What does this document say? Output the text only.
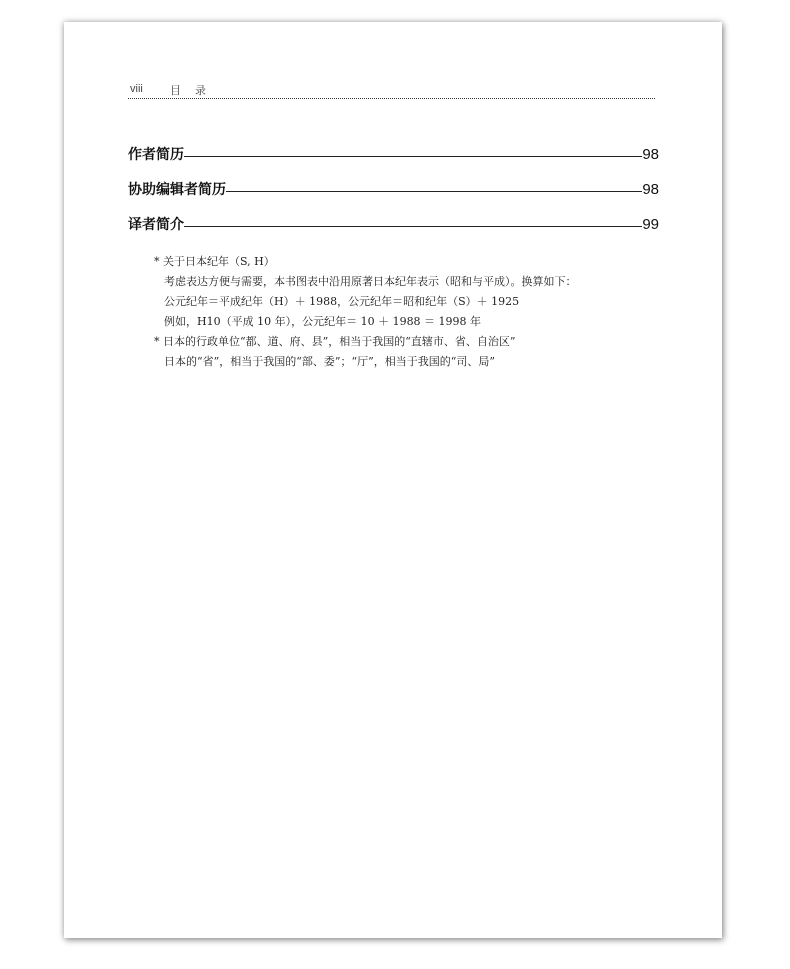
viii 目录
作者简历	98
协助编辑者简历	98
译者简介	99
* 关于日本纪年（S, H）
考虑表达方便与需要，本书图表中沿用原著日本纪年表示（昭和与平成）。换算如下：
公元纪年＝平成纪年（H）＋ 1988，公元纪年＝昭和纪年（S）＋ 1925
例如，H10（平成 10 年），公元纪年＝ 10 ＋ 1988 ＝ 1998 年
* 日本的行政单位“都、道、府、县”，相当于我国的“直辖市、省、自治区”
日本的“省”，相当于我国的“部、委”；“厅”，相当于我国的“司、局”
